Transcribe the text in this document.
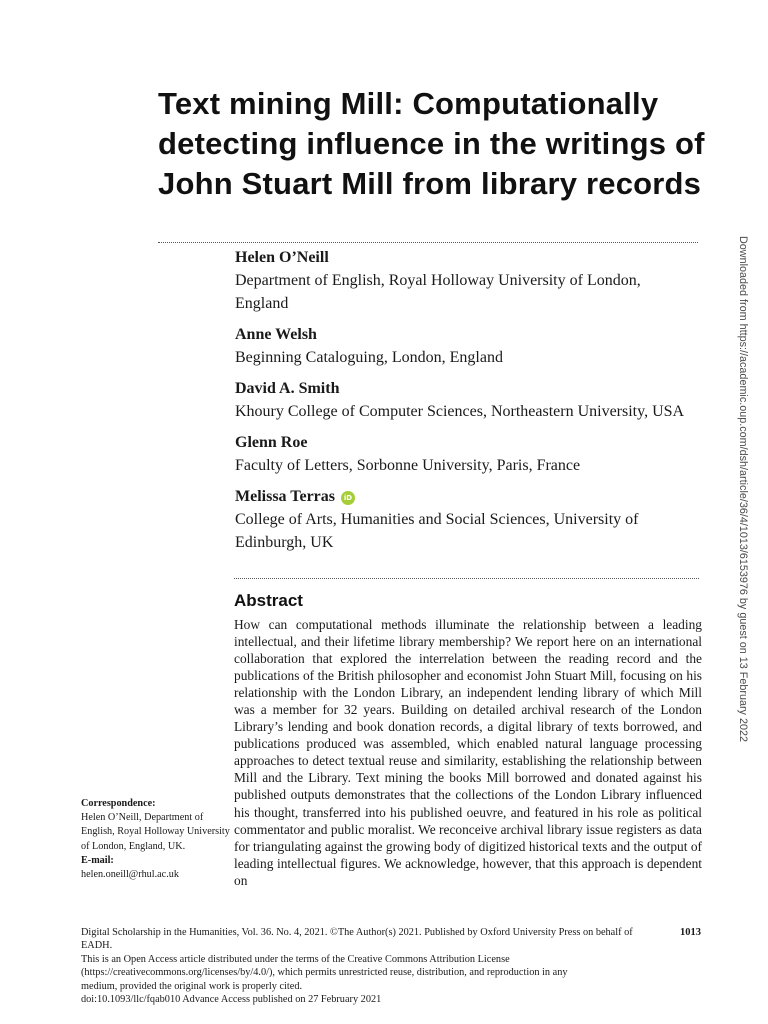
Text mining Mill: Computationally detecting influence in the writings of John Stuart Mill from library records
Helen O’Neill
Department of English, Royal Holloway University of London, England
Anne Welsh
Beginning Cataloguing, London, England
David A. Smith
Khoury College of Computer Sciences, Northeastern University, USA
Glenn Roe
Faculty of Letters, Sorbonne University, Paris, France
Melissa Terras iD
College of Arts, Humanities and Social Sciences, University of Edinburgh, UK
Abstract

How can computational methods illuminate the relationship between a leading intellectual, and their lifetime library membership? We report here on an international collaboration that explored the interrelation between the reading record and the publications of the British philosopher and economist John Stuart Mill, focusing on his relationship with the London Library, an independent lending library of which Mill was a member for 32 years. Building on detailed archival research of the London Library’s lending and book donation records, a digital library of texts borrowed, and publications produced was assembled, which enabled natural language processing approaches to detect textual reuse and similarity, establishing the relationship between Mill and the Library. Text mining the books Mill borrowed and donated against his published outputs demonstrates that the collections of the London Library influenced his thought, transferred into his published oeuvre, and featured in his role as political commentator and public moralist. We reconceive archival library issue registers as data for triangulating against the growing body of digitized historical texts and the output of leading intellectual figures. We acknowledge, however, that this approach is dependent on

Correspondence:
Helen O’Neill, Department of English, Royal Holloway University of London, England, UK.
E-mail:
helen.oneill@rhul.ac.uk
Downloaded from https://academic.oup.com/dsh/article/36/4/1013/6153976 by guest on 13 February 2022
Digital Scholarship in the Humanities, Vol. 36. No. 4, 2021. ©The Author(s) 2021. Published by Oxford University Press on behalf of EADH.
1013
This is an Open Access article distributed under the terms of the Creative Commons Attribution License
(https://creativecommons.org/licenses/by/4.0/), which permits unrestricted reuse, distribution, and reproduction in any
medium, provided the original work is properly cited.
doi:10.1093/llc/fqab010 Advance Access published on 27 February 2021
